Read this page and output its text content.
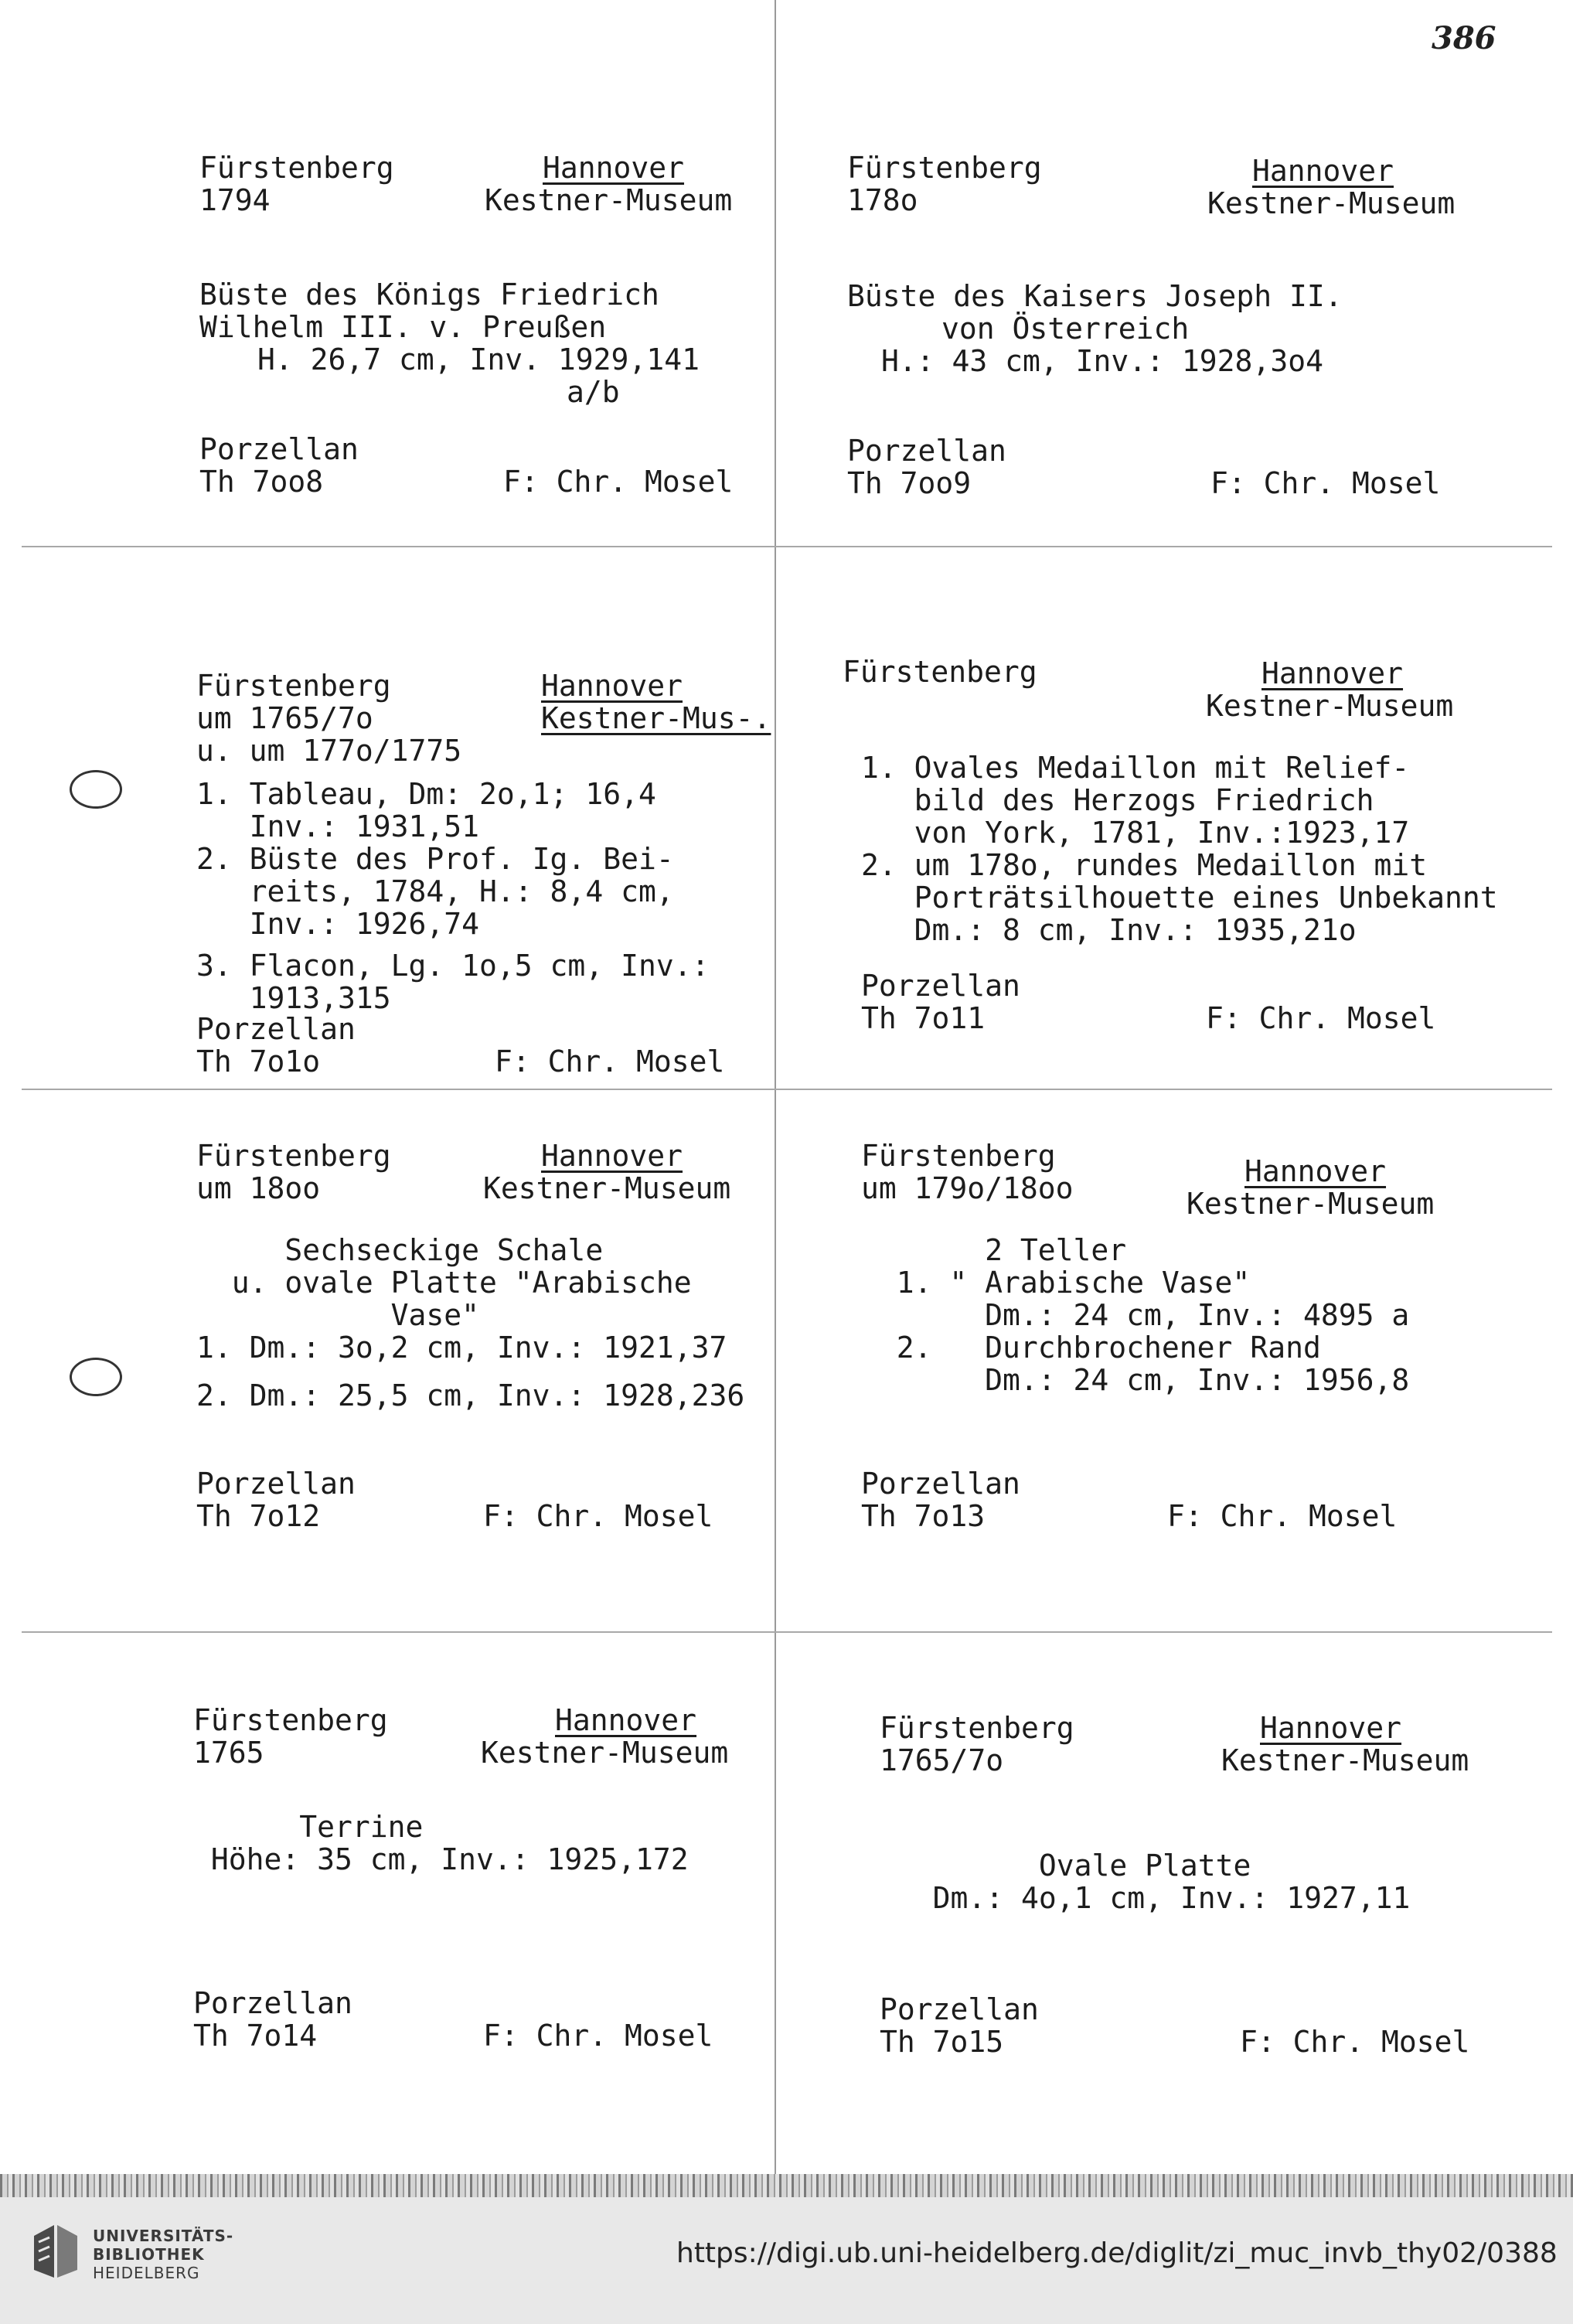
386
Fürstenberg
1794
Hannover
Kestner-Museum
Büste des Königs Friedrich
Wilhelm III. v. Preußen
H. 26,7 cm, Inv. 1929,141
a/b
Porzellan
Th 7oo8	F: Chr. Mosel
Fürstenberg
178o
Hannover
Kestner-Museum
Büste des Kaisers Joseph II.
von Österreich
H.: 43 cm, Inv.: 1928,3o4
Porzellan
Th 7oo9	F: Chr. Mosel
Fürstenberg
um 1765/7o
u. um 177o/1775
Hannover
Kestner-Mus-.
1. Tableau, Dm: 2o,1; 16,4
Inv.: 1931,51
2. Büste des Prof. Ig. Bei-
reits, 1784, H.: 8,4 cm,
Inv.: 1926,74
3. Flacon, Lg. 1o,5 cm, Inv.:
1913,315
Porzellan
Th 7o1o	F: Chr. Mosel
Fürstenberg	Hannover
Kestner-Museum
1. Ovales Medaillon mit Relief-
bild des Herzogs Friedrich
von York, 1781, Inv.:1923,17
2. um 178o, rundes Medaillon mit
Porträtsilhouette eines Unbekannt
Dm.: 8 cm, Inv.: 1935,21o
Porzellan
Th 7o11	F: Chr. Mosel
Fürstenberg
um 18oo
Hannover
Kestner-Museum
Sechseckige Schale
u. ovale Platte "Arabische
Vase"
1. Dm.: 3o,2 cm, Inv.: 1921,37
2. Dm.: 25,5 cm, Inv.: 1928,236
Porzellan
Th 7o12	F: Chr. Mosel
Fürstenberg
um 179o/18oo	Hannover
Kestner-Museum
2 Teller
1. " Arabische Vase"
Dm.: 24 cm, Inv.: 4895 a
2.   Durchbrochener Rand
Dm.: 24 cm, Inv.: 1956,8
Porzellan
Th 7o13	F: Chr. Mosel
Fürstenberg
1765
Hannover
Kestner-Museum
Terrine
Höhe: 35 cm, Inv.: 1925,172
Porzellan
Th 7o14	F: Chr. Mosel
Fürstenberg
1765/7o
Hannover
Kestner-Museum
Ovale Platte
Dm.: 4o,1 cm, Inv.: 1927,11
Porzellan
Th 7o15	F: Chr. Mosel
UNIVERSITÄTS-
BIBLIOTHEK
HEIDELBERG
https://digi.ub.uni-heidelberg.de/diglit/zi_muc_invb_thy02/0388
